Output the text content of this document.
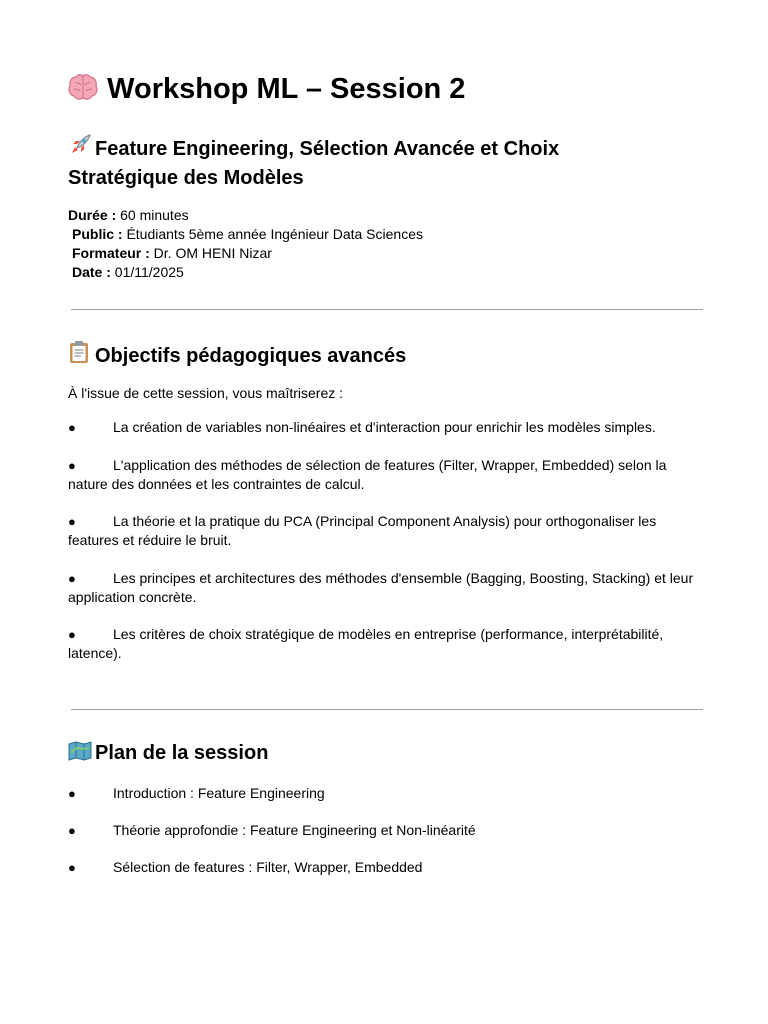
Workshop ML – Session 2
Feature Engineering, Sélection Avancée et Choix
Stratégique des Modèles
Durée : 60 minutes
Public : Étudiants 5ème année Ingénieur Data Sciences
Formateur : Dr. OM HENI Nizar
Date : 01/11/2025
Objectifs pédagogiques avancés

À l'issue de cette session, vous maîtriserez :

●	La création de variables non-linéaires et d'interaction pour enrichir les modèles simples.
●	L'application des méthodes de sélection de features (Filter, Wrapper, Embedded) selon la nature des données et les contraintes de calcul.
●	La théorie et la pratique du PCA (Principal Component Analysis) pour orthogonaliser les features et réduire le bruit.
●	Les principes et architectures des méthodes d'ensemble (Bagging, Boosting, Stacking) et leur application concrète.
●	Les critères de choix stratégique de modèles en entreprise (performance, interprétabilité, latence).
Plan de la session
●	Introduction : Feature Engineering
●	Théorie approfondie : Feature Engineering et Non-linéarité
●	Sélection de features : Filter, Wrapper, Embedded
